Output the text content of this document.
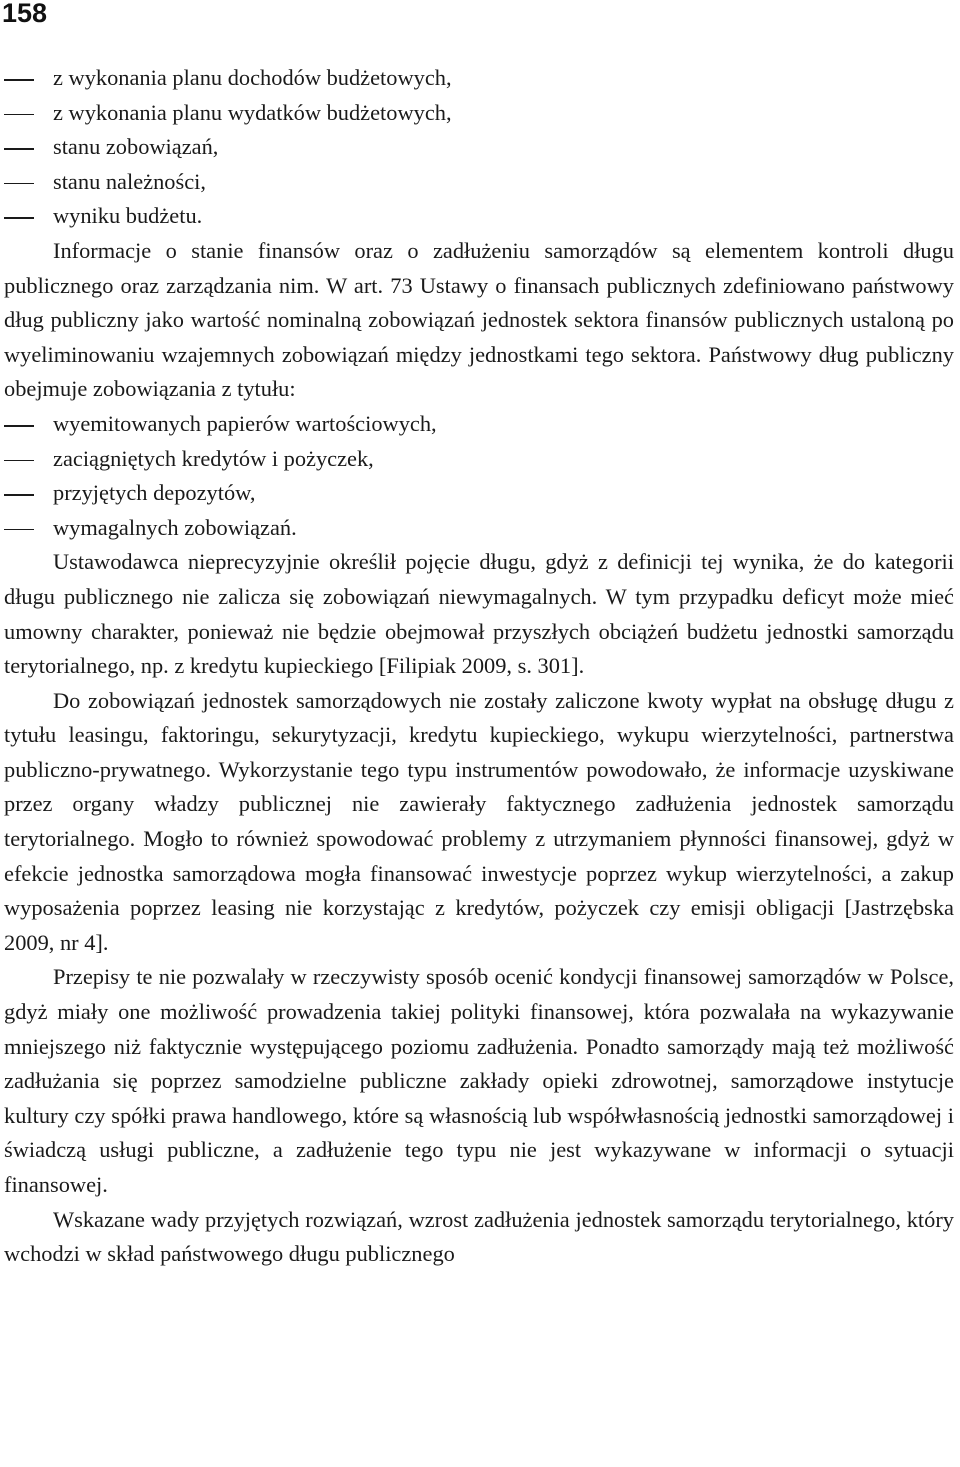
158
z wykonania planu dochodów budżetowych,
z wykonania planu wydatków budżetowych,
stanu zobowiązań,
stanu należności,
wyniku budżetu.

Informacje o stanie finansów oraz o zadłużeniu samorządów są elementem kontroli długu publicznego oraz zarządzania nim. W art. 73 Ustawy o finansach publicznych zdefiniowano państwowy dług publiczny jako wartość nominalną zobowiązań jednostek sektora finansów publicznych ustaloną po wyeliminowaniu wzajemnych zobowiązań między jednostkami tego sektora. Państwowy dług publiczny obejmuje zobowiązania z tytułu:

wyemitowanych papierów wartościowych,
zaciągniętych kredytów i pożyczek,
przyjętych depozytów,
wymagalnych zobowiązań.

Ustawodawca nieprecyzyjnie określił pojęcie długu, gdyż z definicji tej wynika, że do kategorii długu publicznego nie zalicza się zobowiązań niewymagalnych. W tym przypadku deficyt może mieć umowny charakter, ponieważ nie będzie obejmował przyszłych obciążeń budżetu jednostki samorządu terytorialnego, np. z kredytu kupieckiego [Filipiak 2009, s. 301].

Do zobowiązań jednostek samorządowych nie zostały zaliczone kwoty wypłat na obsługę długu z tytułu leasingu, faktoringu, sekurytyzacji, kredytu kupieckiego, wykupu wierzytelności, partnerstwa publiczno-prywatnego. Wykorzystanie tego typu instrumentów powodowało, że informacje uzyskiwane przez organy władzy publicznej nie zawierały faktycznego zadłużenia jednostek samorządu terytorialnego. Mogło to również spowodować problemy z utrzymaniem płynności finansowej, gdyż w efekcie jednostka samorządowa mogła finansować inwestycje poprzez wykup wierzytelności, a zakup wyposażenia poprzez leasing nie korzystając z kredytów, pożyczek czy emisji obligacji [Jastrzębska 2009, nr 4].

Przepisy te nie pozwalały w rzeczywisty sposób ocenić kondycji finansowej samorządów w Polsce, gdyż miały one możliwość prowadzenia takiej polityki finansowej, która pozwalała na wykazywanie mniejszego niż faktycznie występującego poziomu zadłużenia. Ponadto samorządy mają też możliwość zadłużania się poprzez samodzielne publiczne zakłady opieki zdrowotnej, samorządowe instytucje kultury czy spółki prawa handlowego, które są własnością lub współwłasnością jednostki samorządowej i świadczą usługi publiczne, a zadłużenie tego typu nie jest wykazywane w informacji o sytuacji finansowej.

Wskazane wady przyjętych rozwiązań, wzrost zadłużenia jednostek samorządu terytorialnego, który wchodzi w skład państwowego długu publicznego
